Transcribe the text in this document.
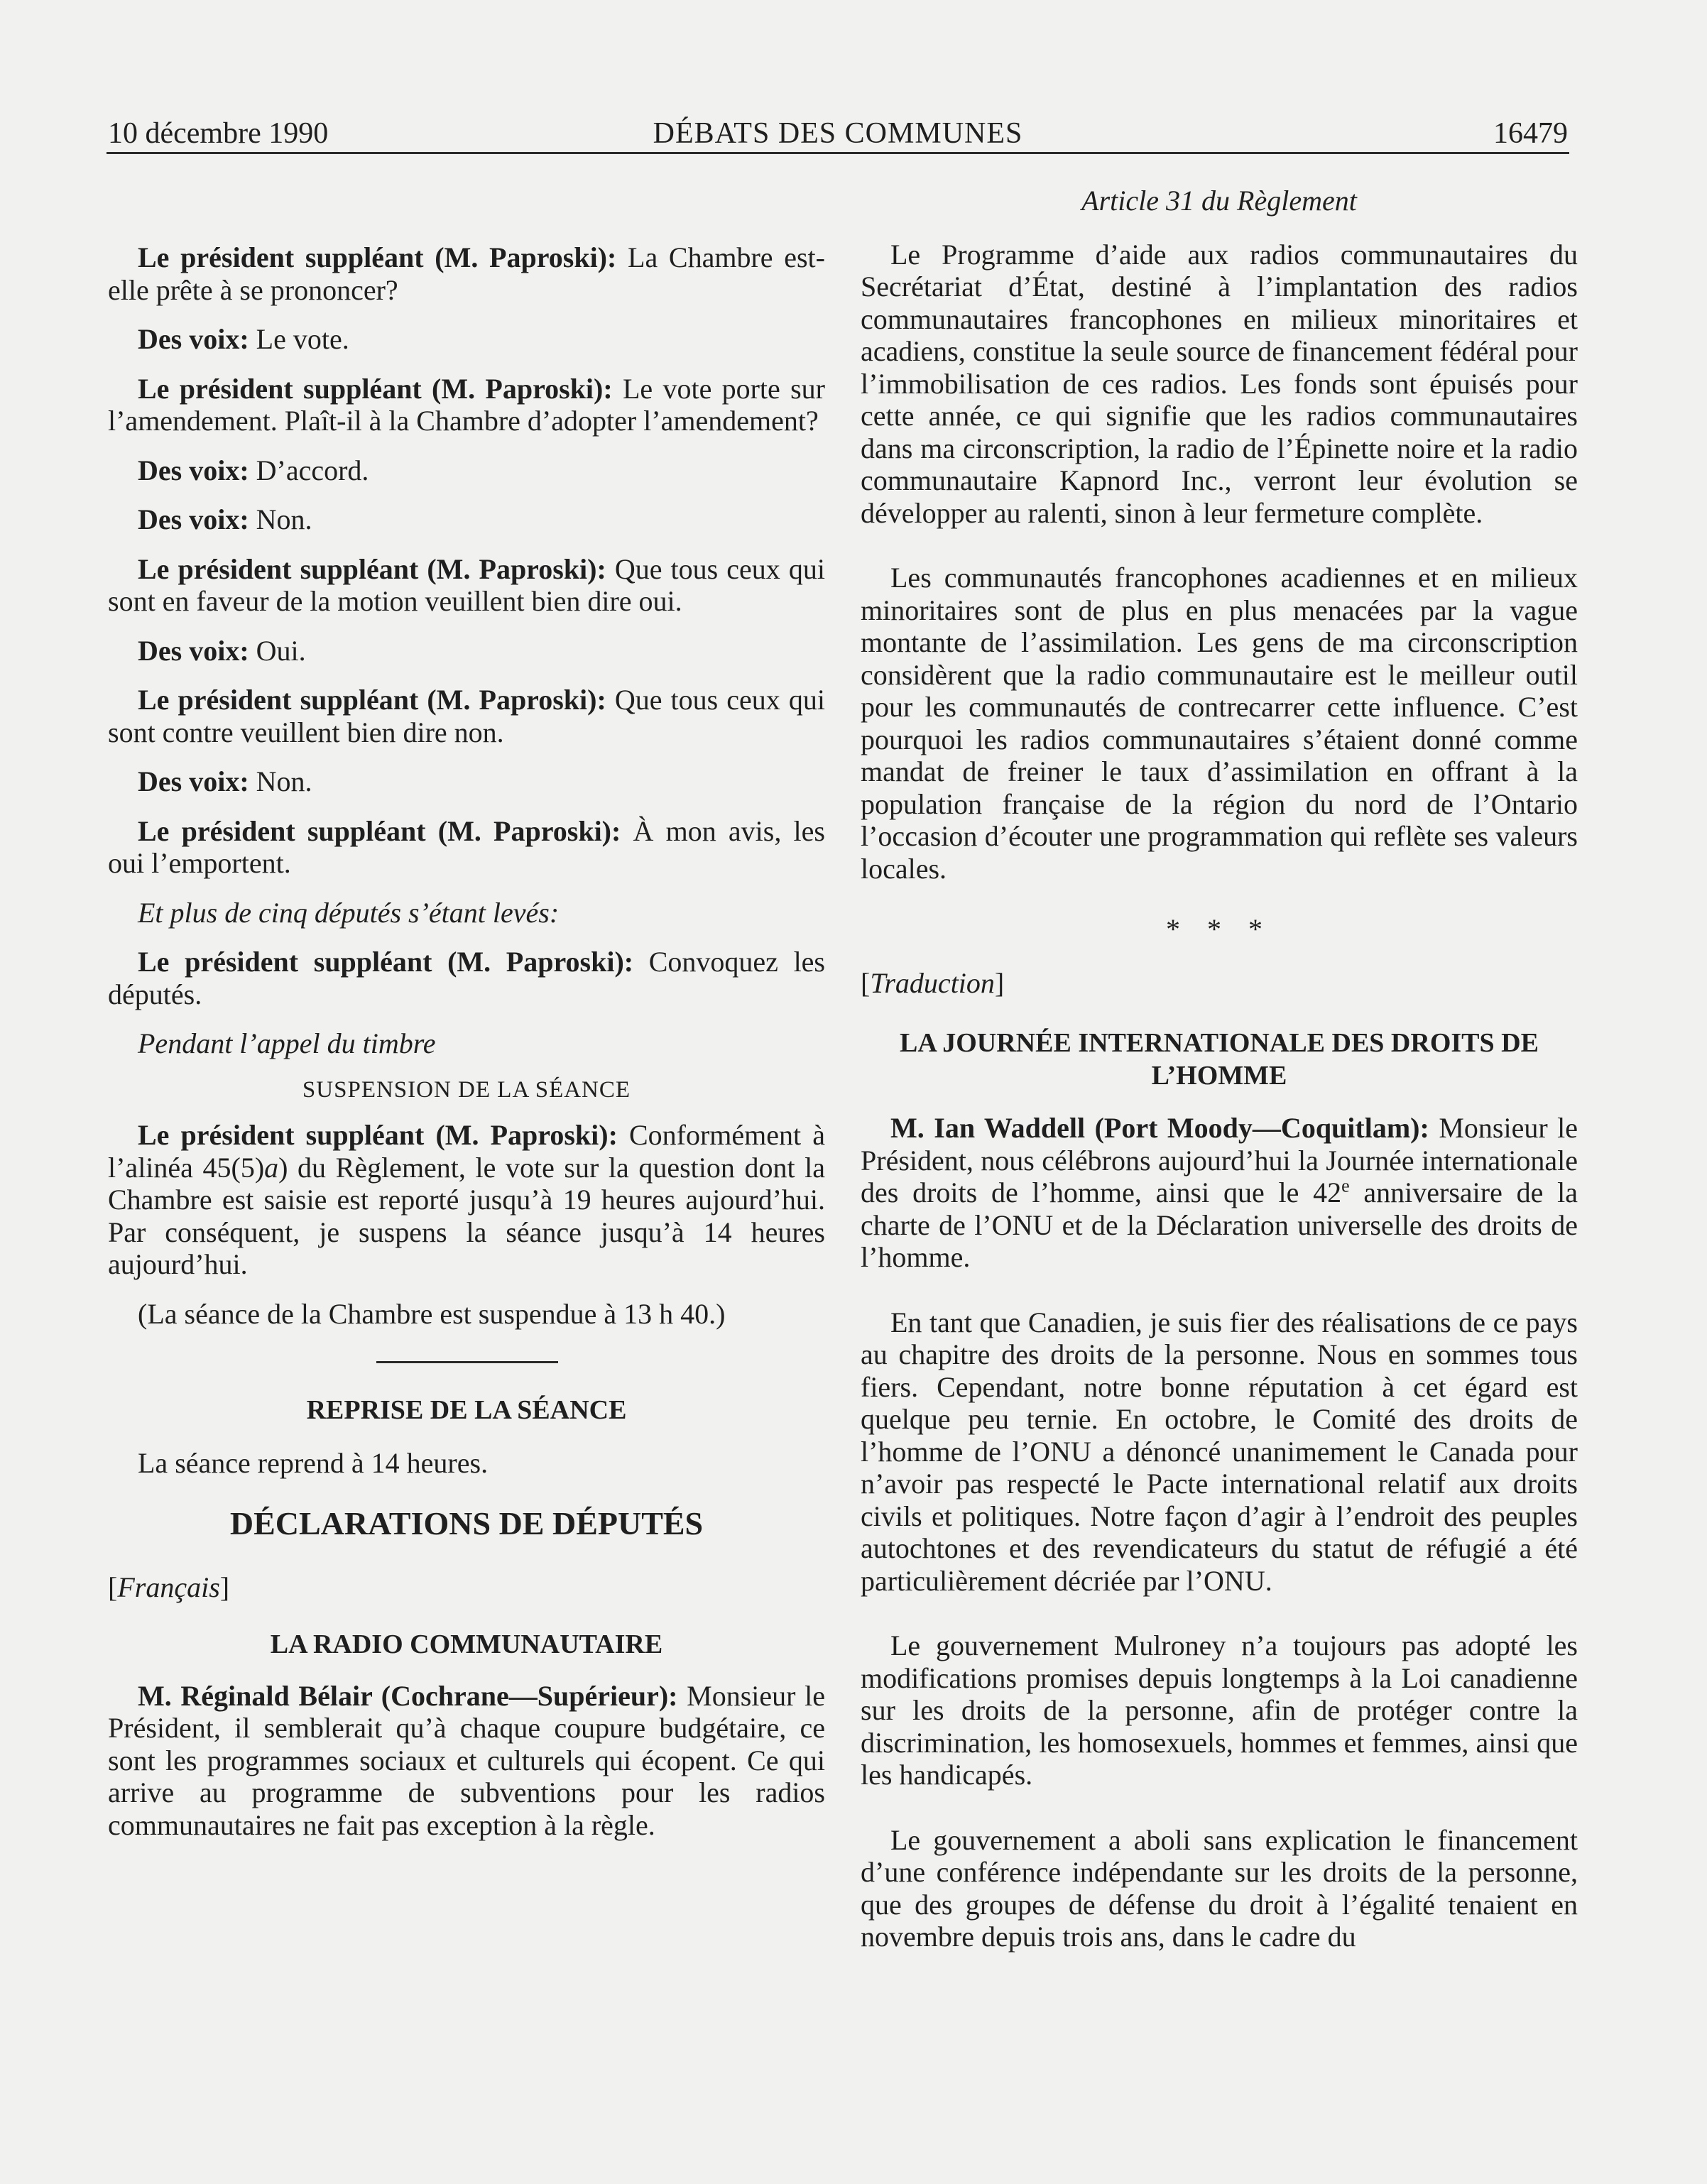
10 décembre 1990	DÉBATS DES COMMUNES	16479

Le président suppléant (M. Paproski): La Chambre est-elle prête à se prononcer?

Des voix: Le vote.

Le président suppléant (M. Paproski): Le vote porte sur l’amendement. Plaît-il à la Chambre d’adopter l’amendement?

Des voix: D’accord.

Des voix: Non.

Le président suppléant (M. Paproski): Que tous ceux qui sont en faveur de la motion veuillent bien dire oui.

Des voix: Oui.

Le président suppléant (M. Paproski): Que tous ceux qui sont contre veuillent bien dire non.

Des voix: Non.

Le président suppléant (M. Paproski): À mon avis, les oui l’emportent.

Et plus de cinq députés s’étant levés:

Le président suppléant (M. Paproski): Convoquez les députés.

Pendant l’appel du timbre

SUSPENSION DE LA SÉANCE

Le président suppléant (M. Paproski): Conformément à l’alinéa 45(5)a) du Règlement, le vote sur la question dont la Chambre est saisie est reporté jusqu’à 19 heures aujourd’hui. Par conséquent, je suspens la séance jusqu’à 14 heures aujourd’hui.

(La séance de la Chambre est suspendue à 13 h 40.)

REPRISE DE LA SÉANCE

La séance reprend à 14 heures.

DÉCLARATIONS DE DÉPUTÉS

[Français]

LA RADIO COMMUNAUTAIRE

M. Réginald Bélair (Cochrane—Supérieur): Monsieur le Président, il semblerait qu’à chaque coupure budgétaire, ce sont les programmes sociaux et culturels qui écopent. Ce qui arrive au programme de subventions pour les radios communautaires ne fait pas exception à la règle.

Article 31 du Règlement

Le Programme d’aide aux radios communautaires du Secrétariat d’État, destiné à l’implantation des radios communautaires francophones en milieux minoritaires et acadiens, constitue la seule source de financement fédéral pour l’immobilisation de ces radios. Les fonds sont épuisés pour cette année, ce qui signifie que les radios communautaires dans ma circonscription, la radio de l’Épinette noire et la radio communautaire Kapnord Inc., verront leur évolution se développer au ralenti, sinon à leur fermeture complète.

Les communautés francophones acadiennes et en milieux minoritaires sont de plus en plus menacées par la vague montante de l’assimilation. Les gens de ma circonscription considèrent que la radio communautaire est le meilleur outil pour les communautés de contrecarrer cette influence. C’est pourquoi les radios communautaires s’étaient donné comme mandat de freiner le taux d’assimilation en offrant à la population française de la région du nord de l’Ontario l’occasion d’écouter une programmation qui reflète ses valeurs locales.

* * *

[Traduction]

LA JOURNÉE INTERNATIONALE DES DROITS DE L’HOMME

M. Ian Waddell (Port Moody—Coquitlam): Monsieur le Président, nous célébrons aujourd’hui la Journée internationale des droits de l’homme, ainsi que le 42e anniversaire de la charte de l’ONU et de la Déclaration universelle des droits de l’homme.

En tant que Canadien, je suis fier des réalisations de ce pays au chapitre des droits de la personne. Nous en sommes tous fiers. Cependant, notre bonne réputation à cet égard est quelque peu ternie. En octobre, le Comité des droits de l’homme de l’ONU a dénoncé unanimement le Canada pour n’avoir pas respecté le Pacte international relatif aux droits civils et politiques. Notre façon d’agir à l’endroit des peuples autochtones et des revendicateurs du statut de réfugié a été particulièrement décriée par l’ONU.

Le gouvernement Mulroney n’a toujours pas adopté les modifications promises depuis longtemps à la Loi canadienne sur les droits de la personne, afin de protéger contre la discrimination, les homosexuels, hommes et femmes, ainsi que les handicapés.

Le gouvernement a aboli sans explication le financement d’une conférence indépendante sur les droits de la personne, que des groupes de défense du droit à l’égalité tenaient en novembre depuis trois ans, dans le cadre du
